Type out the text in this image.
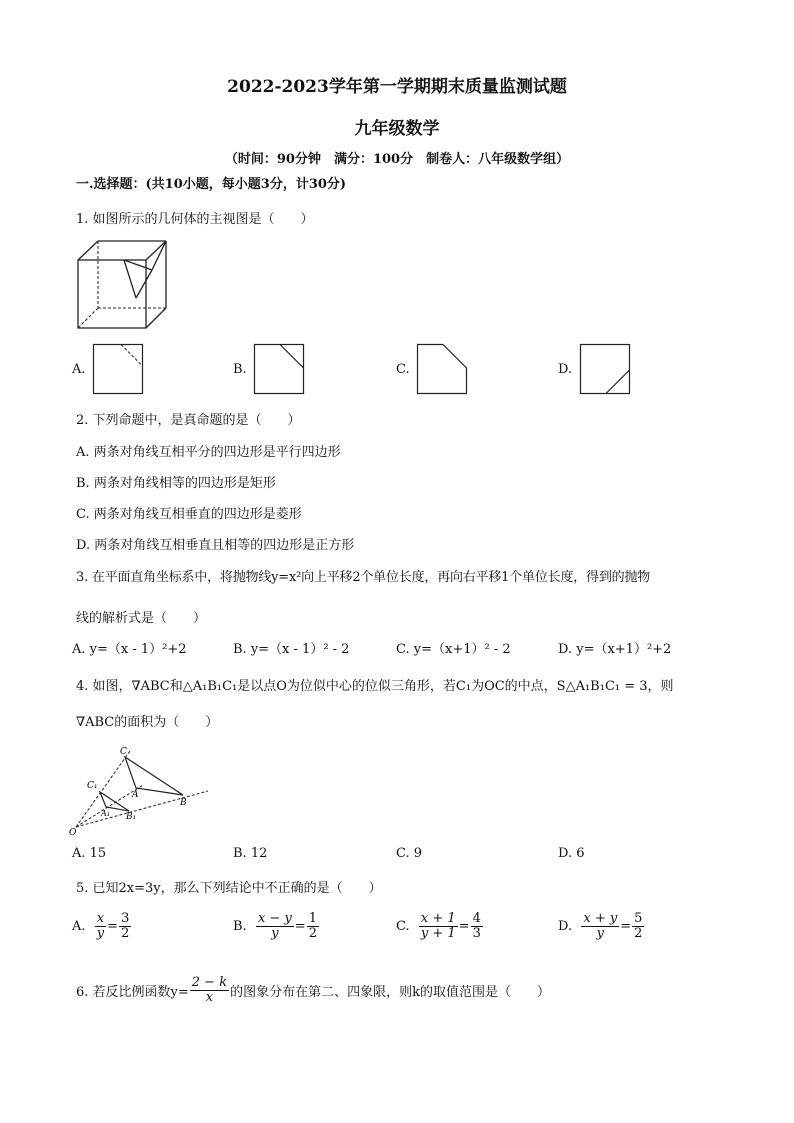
2022-2023学年第一学期期末质量监测试题
九年级数学
（时间：90分钟　满分：100分　制卷人：八年级数学组）
一.选择题：(共10小题，每小题3分，计30分)
1. 如图所示的几何体的主视图是（　　）
A.	B.	C.	D.
2. 下列命题中，是真命题的是（　　）
A. 两条对角线互相平分的四边形是平行四边形
B. 两条对角线相等的四边形是矩形
C. 两条对角线互相垂直的四边形是菱形
D. 两条对角线互相垂直且相等的四边形是正方形
3. 在平面直角坐标系中，将抛物线y=x²向上平移2个单位长度，再向右平移1个单位长度，得到的抛物
线的解析式是（　　）
A. y=（x - 1）²+2	B. y=（x - 1）² - 2	C. y=（x+1）² - 2	D. y=（x+1）²+2
4. 如图，∇ABC和△A₁B₁C₁是以点O为位似中心的位似三角形，若C₁为OC的中点，S△A₁B₁C₁ = 3，则
∇ABC的面积为（　　）
C
C₁
A
A₁
B
B₁
O
A. 15	B. 12	C. 9	D. 6
5. 已知2x=3y，那么下列结论中不正确的是（　　）
A.
$\frac{x}{y} = \frac{3}{2}$	B.
$\frac{x - y}{y} = \frac{1}{2}$	C.
$\frac{x + 1}{y + 1} = \frac{4}{3}$	D.
$\frac{x + y}{y} = \frac{5}{2}$
6. 若反比例函数$y= \frac{2 - k}{x}$ 的图象分布在第二、四象限，则k的取值范围是（　　）
